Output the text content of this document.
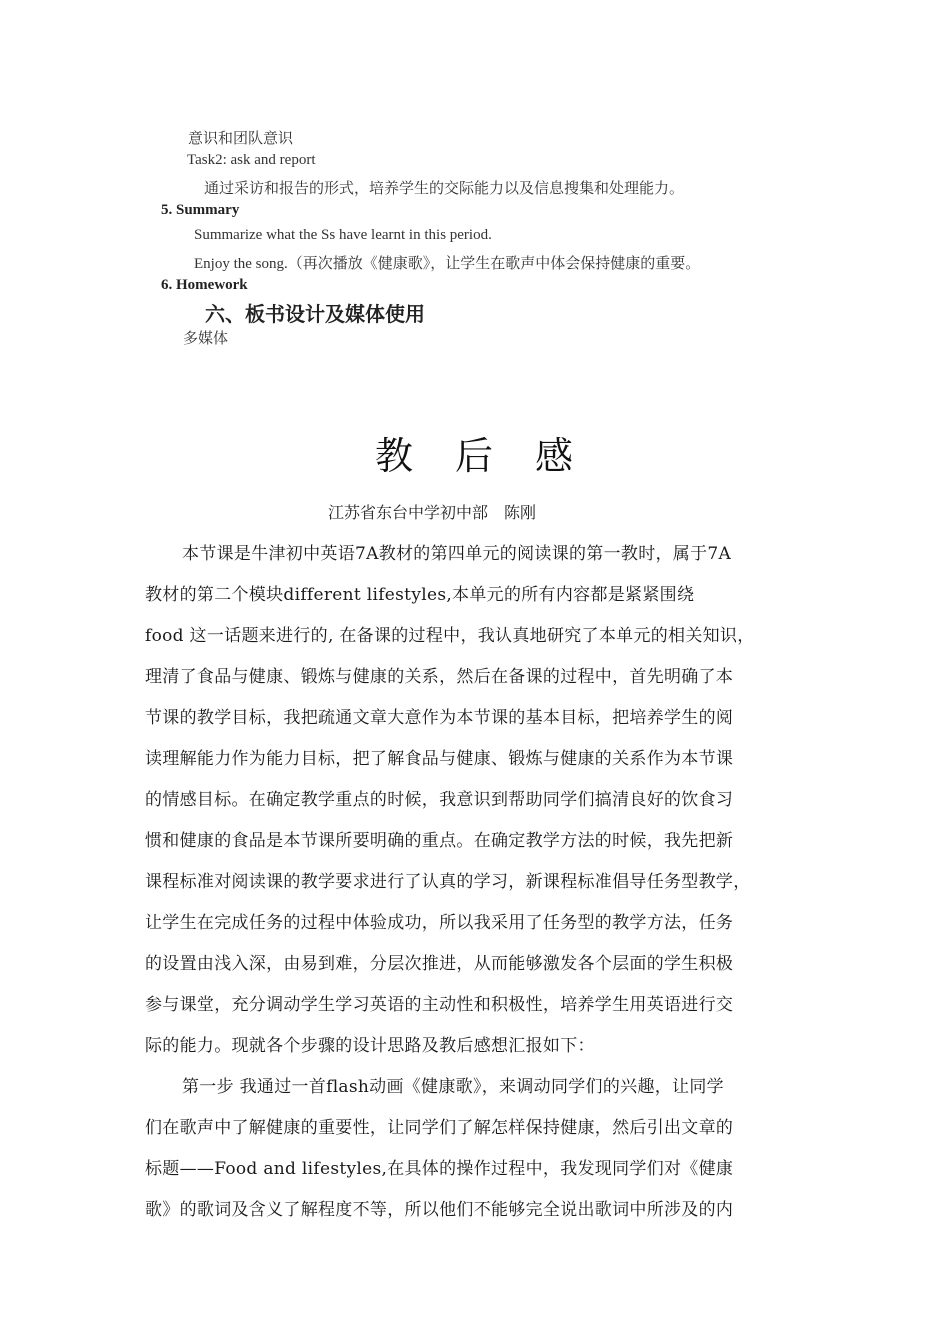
意识和团队意识
Task2: ask and report
通过采访和报告的形式，培养学生的交际能力以及信息搜集和处理能力。
5. Summary
Summarize what the Ss have learnt in this period.
Enjoy the song.（再次播放《健康歌》，让学生在歌声中体会保持健康的重要。
6. Homework
六、板书设计及媒体使用
多媒体
教后感
江苏省东台中学初中部　陈刚
本节课是牛津初中英语7A教材的第四单元的阅读课的第一教时，属于7A
教材的第二个模块different lifestyles,本单元的所有内容都是紧紧围绕
food 这一话题来进行的, 在备课的过程中，我认真地研究了本单元的相关知识，
理清了食品与健康、锻炼与健康的关系，然后在备课的过程中，首先明确了本
节课的教学目标，我把疏通文章大意作为本节课的基本目标，把培养学生的阅
读理解能力作为能力目标，把了解食品与健康、锻炼与健康的关系作为本节课
的情感目标。在确定教学重点的时候，我意识到帮助同学们搞清良好的饮食习
惯和健康的食品是本节课所要明确的重点。在确定教学方法的时候，我先把新
课程标准对阅读课的教学要求进行了认真的学习，新课程标准倡导任务型教学，
让学生在完成任务的过程中体验成功，所以我采用了任务型的教学方法，任务
的设置由浅入深，由易到难，分层次推进，从而能够激发各个层面的学生积极
参与课堂，充分调动学生学习英语的主动性和积极性，培养学生用英语进行交
际的能力。现就各个步骤的设计思路及教后感想汇报如下：
第一步 我通过一首flash动画《健康歌》，来调动同学们的兴趣，让同学
们在歌声中了解健康的重要性，让同学们了解怎样保持健康，然后引出文章的
标题——Food and lifestyles,在具体的操作过程中，我发现同学们对《健康
歌》的歌词及含义了解程度不等，所以他们不能够完全说出歌词中所涉及的内
